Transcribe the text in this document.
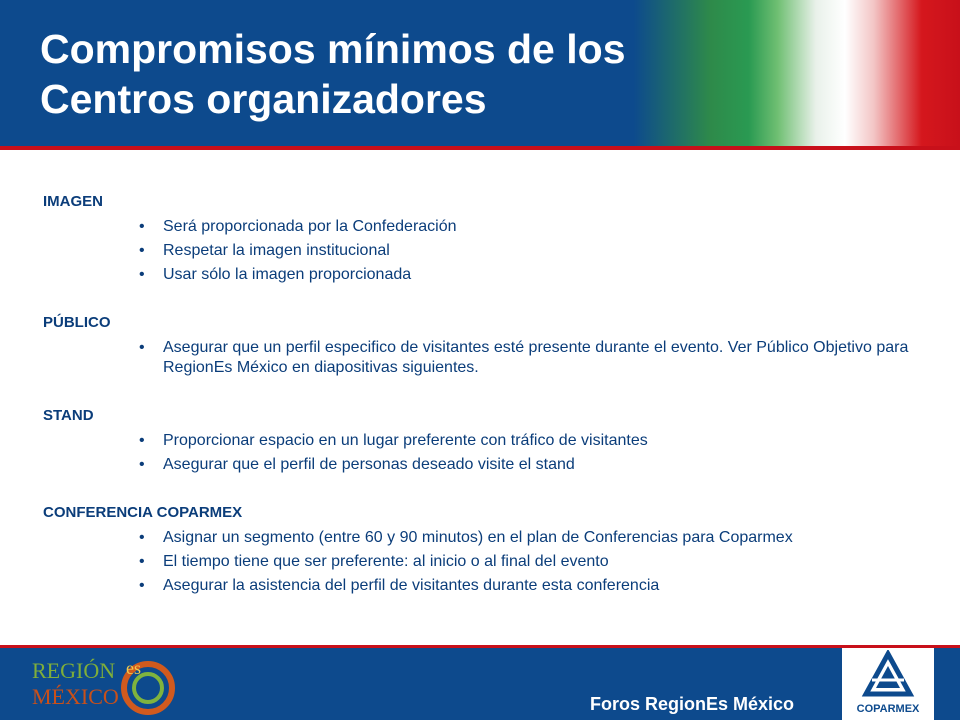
Compromisos mínimos de los
Centros organizadores
IMAGEN
• Será proporcionada por la Confederación
• Respetar la imagen institucional
• Usar sólo la imagen proporcionada
PÚBLICO
• Asegurar que un perfil especifico de visitantes esté presente durante el evento. Ver Público Objetivo para RegionEs México en diapositivas siguientes.
STAND
• Proporcionar espacio en un lugar preferente con tráfico de visitantes
• Asegurar que el perfil de personas deseado visite el stand
CONFERENCIA COPARMEX
• Asignar un segmento (entre 60 y 90 minutos) en el plan de Conferencias para Coparmex
• El tiempo tiene que ser preferente: al inicio o al final del evento
• Asegurar la asistencia del perfil de visitantes durante esta conferencia
REGIÓN es
MÉXICO	Foros RegionEs México	COPARMEX
